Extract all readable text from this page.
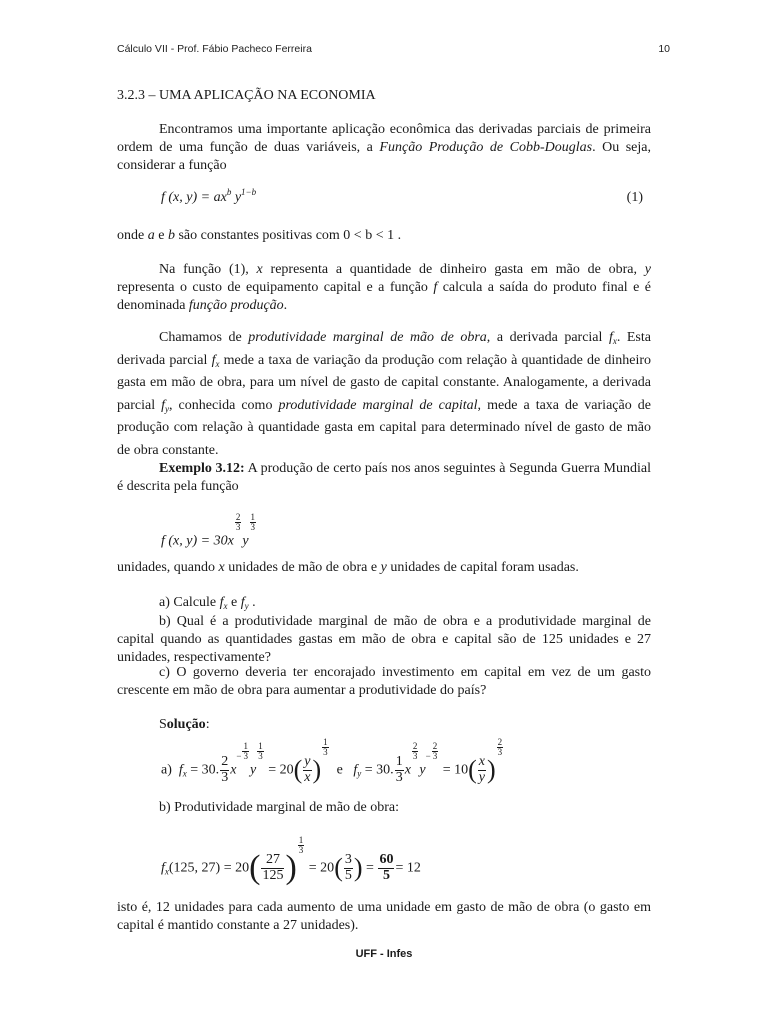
Cálculo VII - Prof. Fábio Pacheco Ferreira	10
3.2.3 – UMA APLICAÇÃO NA ECONOMIA
Encontramos uma importante aplicação econômica das derivadas parciais de primeira ordem de uma função de duas variáveis, a Função Produção de Cobb-Douglas. Ou seja, considerar a função
f (x, $y) = ax^b$ $y^{1-b}$	(1)
onde a e b são constantes positivas com 0 < b < 1 .
Na função (1), x representa a quantidade de dinheiro gasta em mão de obra, y representa o custo de equipamento capital e a função f calcula a saída do produto final e é denominada função produção.
Chamamos de produtividade marginal de mão de obra, a derivada parcial $f_x$. Esta derivada parcial $f_x$ mede a taxa de variação da produção com relação à quantidade de dinheiro gasta em mão de obra, para um nível de gasto de capital constante. Analogamente, a derivada parcial $f_y$, conhecida como produtividade marginal de capital, mede a taxa de variação de produção com relação à quantidade gasta em capital para determinado nível de gasto de mão de obra constante.
Exemplo 3.12: A produção de certo país nos anos seguintes à Segunda Guerra Mundial é descrita pela função
f (x, y) = 30x
$\frac{2}{3}$
y
$\frac{1}{3}$
unidades, quando x unidades de mão de obra e y unidades de capital foram usadas.
a) Calcule $f_x$ e $f_y$ .
b) Qual é a produtividade marginal de mão de obra e a produtividade marginal de capital quando as quantidades gastas em mão de obra e capital são de 125 unidades e 27 unidades, respectivamente?
c) O governo deveria ter encorajado investimento em capital em vez de um gasto crescente em mão de obra para aumentar a produtividade do país?
Solução:
a) $f_x = 30$. $\frac{2}{3} x- \frac{1}{3}$
y
$\frac{1}{3}$
= $20( \frac{y}{x}$ )
$\frac{1}{3}$
e $f_y = 30$. $\frac{1}{3}$ x
$\frac{2}{3}$
$y- \frac{2}{3}$
= $10( \frac{x}{y}$ )
$\frac{2}{3}$
b) Produtividade marginal de mão de obra:
$f_x(125$, $27) = 20( \frac{27}{125}$ )
$\frac{1}{3}$
= $20( \frac{3}{5}$ ) = $\frac{60}{5} = 12$
isto é, 12 unidades para cada aumento de uma unidade em gasto de mão de obra (o gasto em capital é mantido constante a 27 unidades).
UFF - Infes
